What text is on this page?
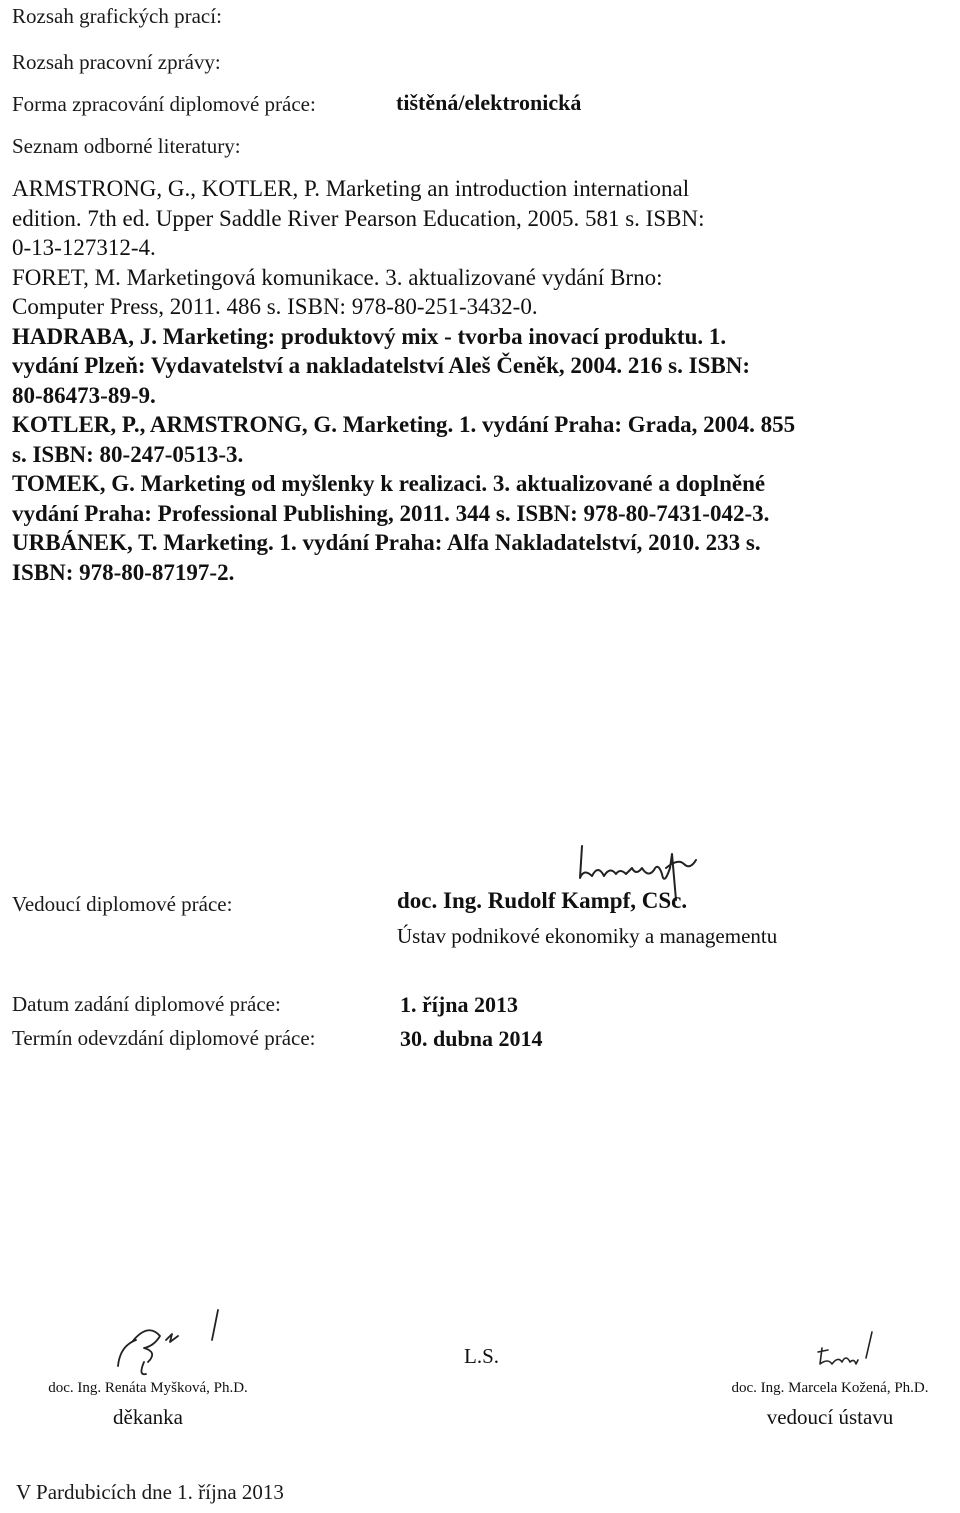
Rozsah grafických prací:
Rozsah pracovní zprávy:
Forma zpracování diplomové práce:	tištěná/elektronická
Seznam odborné literatury:
ARMSTRONG, G., KOTLER, P. Marketing an introduction international
edition. 7th ed. Upper Saddle River Pearson Education, 2005. 581 s. ISBN:
0-13-127312-4.
FORET, M. Marketingová komunikace. 3. aktualizované vydání Brno:
Computer Press, 2011. 486 s. ISBN: 978-80-251-3432-0.
HADRABA, J. Marketing: produktový mix - tvorba inovací produktu. 1.
vydání Plzeň: Vydavatelství a nakladatelství Aleš Čeněk, 2004. 216 s. ISBN:
80-86473-89-9.
KOTLER, P., ARMSTRONG, G. Marketing. 1. vydání Praha: Grada, 2004. 855
s. ISBN: 80-247-0513-3.
TOMEK, G. Marketing od myšlenky k realizaci. 3. aktualizované a doplněné
vydání Praha: Professional Publishing, 2011. 344 s. ISBN: 978-80-7431-042-3.
URBÁNEK, T. Marketing. 1. vydání Praha: Alfa Nakladatelství, 2010. 233 s.
ISBN: 978-80-87197-2.
Vedoucí diplomové práce:	doc. Ing. Rudolf Kampf, CSc.
Ústav podnikové ekonomiky a managementu
Datum zadání diplomové práce:	1. října 2013
Termín odevzdání diplomové práce:	30. dubna 2014
doc. Ing. Renáta Myšková, Ph.D.
děkanka
L.S.
doc. Ing. Marcela Kožená, Ph.D.
vedoucí ústavu
V Pardubicích dne 1. října 2013
